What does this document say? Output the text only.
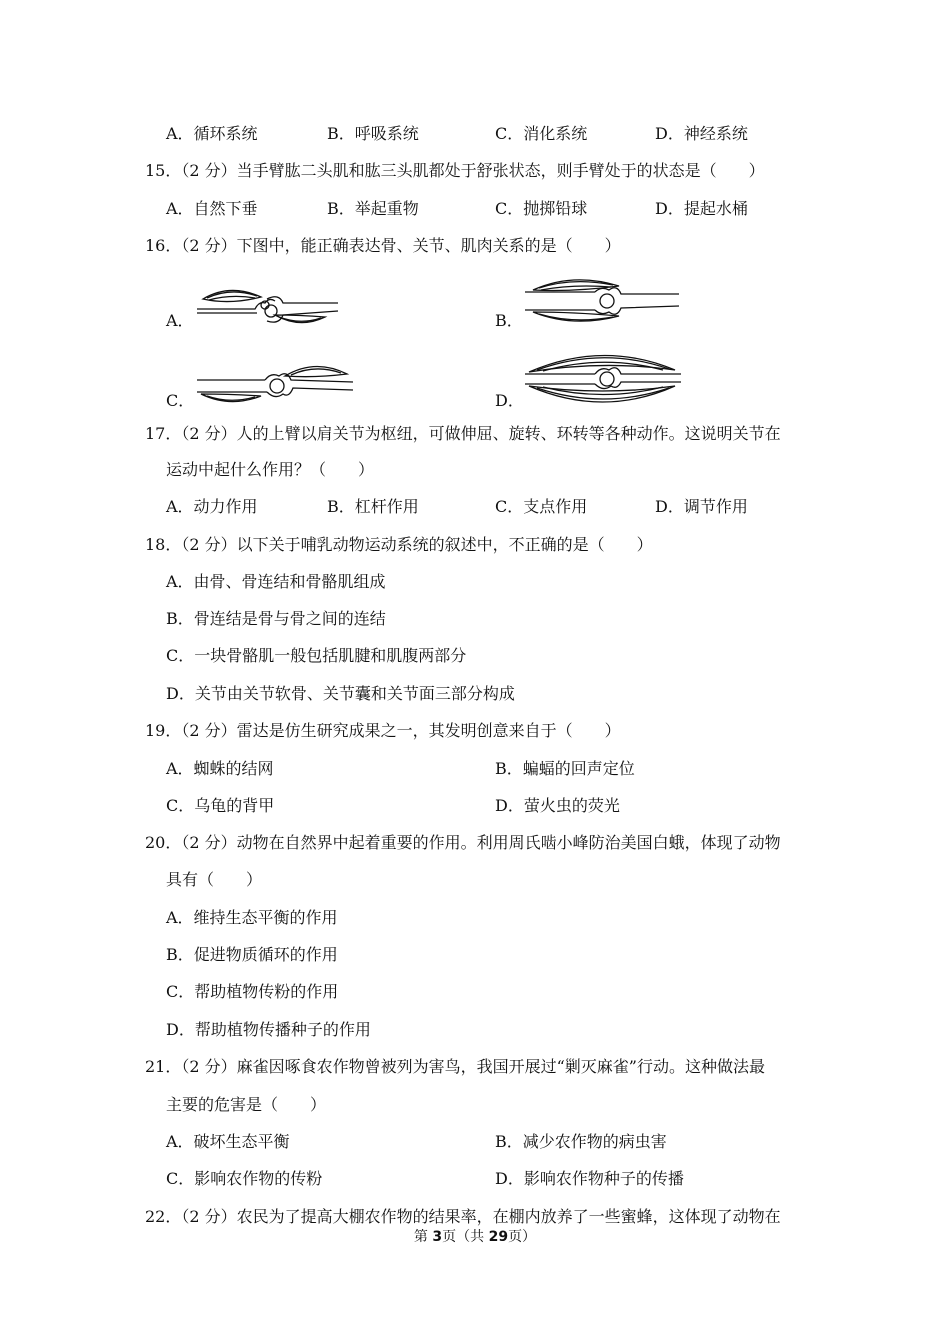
A．循环系统	B．呼吸系统	C．消化系统	D．神经系统
15．（2 分）当手臂肱二头肌和肱三头肌都处于舒张状态，则手臂处于的状态是（　　）
A．自然下垂	B．举起重物	C．抛掷铅球	D．提起水桶
16．（2 分）下图中，能正确表达骨、关节、肌肉关系的是（　　）
A．	B．
C．	D．
17．（2 分）人的上臂以肩关节为枢纽，可做伸屈、旋转、环转等各种动作。这说明关节在
运动中起什么作用？（　　）
A．动力作用	B．杠杆作用	C．支点作用	D．调节作用
18．（2 分）以下关于哺乳动物运动系统的叙述中，不正确的是（　　）
A．由骨、骨连结和骨骼肌组成
B．骨连结是骨与骨之间的连结
C．一块骨骼肌一般包括肌腱和肌腹两部分
D．关节由关节软骨、关节囊和关节面三部分构成
19．（2 分）雷达是仿生研究成果之一，其发明创意来自于（　　）
A．蜘蛛的结网	B．蝙蝠的回声定位
C．乌龟的背甲	D．萤火虫的荧光
20．（2 分）动物在自然界中起着重要的作用。利用周氏啮小峰防治美国白蛾，体现了动物
具有（　　）
A．维持生态平衡的作用
B．促进物质循环的作用
C．帮助植物传粉的作用
D．帮助植物传播种子的作用
21．（2 分）麻雀因啄食农作物曾被列为害鸟，我国开展过“剿灭麻雀”行动。这种做法最
主要的危害是（　　）
A．破坏生态平衡	B．减少农作物的病虫害
C．影响农作物的传粉	D．影响农作物种子的传播
22．（2 分）农民为了提高大棚农作物的结果率，在棚内放养了一些蜜蜂，这体现了动物在
第 3页（共 29页）
